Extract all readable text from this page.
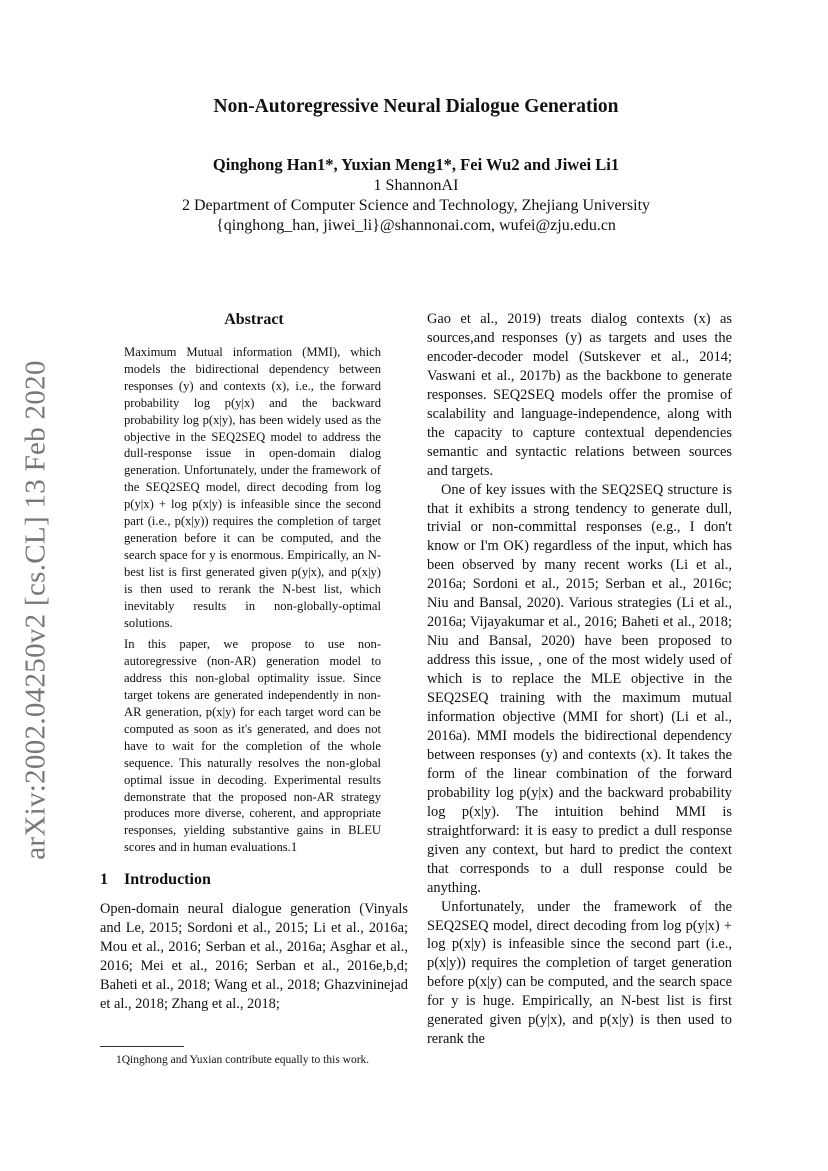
arXiv:2002.04250v2 [cs.CL] 13 Feb 2020
Non-Autoregressive Neural Dialogue Generation
Qinghong Han1*, Yuxian Meng1*, Fei Wu2 and Jiwei Li1
1 ShannonAI
2 Department of Computer Science and Technology, Zhejiang University
{qinghong_han, jiwei_li}@shannonai.com, wufei@zju.edu.cn
Abstract

Maximum Mutual information (MMI), which models the bidirectional dependency between responses (y) and contexts (x), i.e., the forward probability log p(y|x) and the backward probability log p(x|y), has been widely used as the objective in the SEQ2SEQ model to address the dull-response issue in open-domain dialog generation. Unfortunately, under the framework of the SEQ2SEQ model, direct decoding from log p(y|x) + log p(x|y) is infeasible since the second part (i.e., p(x|y)) requires the completion of target generation before it can be computed, and the search space for y is enormous. Empirically, an N-best list is first generated given p(y|x), and p(x|y) is then used to rerank the N-best list, which inevitably results in non-globally-optimal solutions.

In this paper, we propose to use non-autoregressive (non-AR) generation model to address this non-global optimality issue. Since target tokens are generated independently in non-AR generation, p(x|y) for each target word can be computed as soon as it's generated, and does not have to wait for the completion of the whole sequence. This naturally resolves the non-global optimal issue in decoding. Experimental results demonstrate that the proposed non-AR strategy produces more diverse, coherent, and appropriate responses, yielding substantive gains in BLEU scores and in human evaluations.1

1 Introduction

Open-domain neural dialogue generation (Vinyals and Le, 2015; Sordoni et al., 2015; Li et al., 2016a; Mou et al., 2016; Serban et al., 2016a; Asghar et al., 2016; Mei et al., 2016; Serban et al., 2016e,b,d; Baheti et al., 2018; Wang et al., 2018; Ghazvininejad et al., 2018; Zhang et al., 2018;

1Qinghong and Yuxian contribute equally to this work.

Gao et al., 2019) treats dialog contexts (x) as sources,and responses (y) as targets and uses the encoder-decoder model (Sutskever et al., 2014; Vaswani et al., 2017b) as the backbone to generate responses. SEQ2SEQ models offer the promise of scalability and language-independence, along with the capacity to capture contextual dependencies semantic and syntactic relations between sources and targets.

One of key issues with the SEQ2SEQ structure is that it exhibits a strong tendency to generate dull, trivial or non-committal responses (e.g., I don't know or I'm OK) regardless of the input, which has been observed by many recent works (Li et al., 2016a; Sordoni et al., 2015; Serban et al., 2016c; Niu and Bansal, 2020). Various strategies (Li et al., 2016a; Vijayakumar et al., 2016; Baheti et al., 2018; Niu and Bansal, 2020) have been proposed to address this issue, , one of the most widely used of which is to replace the MLE objective in the SEQ2SEQ training with the maximum mutual information objective (MMI for short) (Li et al., 2016a). MMI models the bidirectional dependency between responses (y) and contexts (x). It takes the form of the linear combination of the forward probability log p(y|x) and the backward probability log p(x|y). The intuition behind MMI is straightforward: it is easy to predict a dull response given any context, but hard to predict the context that corresponds to a dull response could be anything.

Unfortunately, under the framework of the SEQ2SEQ model, direct decoding from log p(y|x) + log p(x|y) is infeasible since the second part (i.e., p(x|y)) requires the completion of target generation before p(x|y) can be computed, and the search space for y is huge. Empirically, an N-best list is first generated given p(y|x), and p(x|y) is then used to rerank the
